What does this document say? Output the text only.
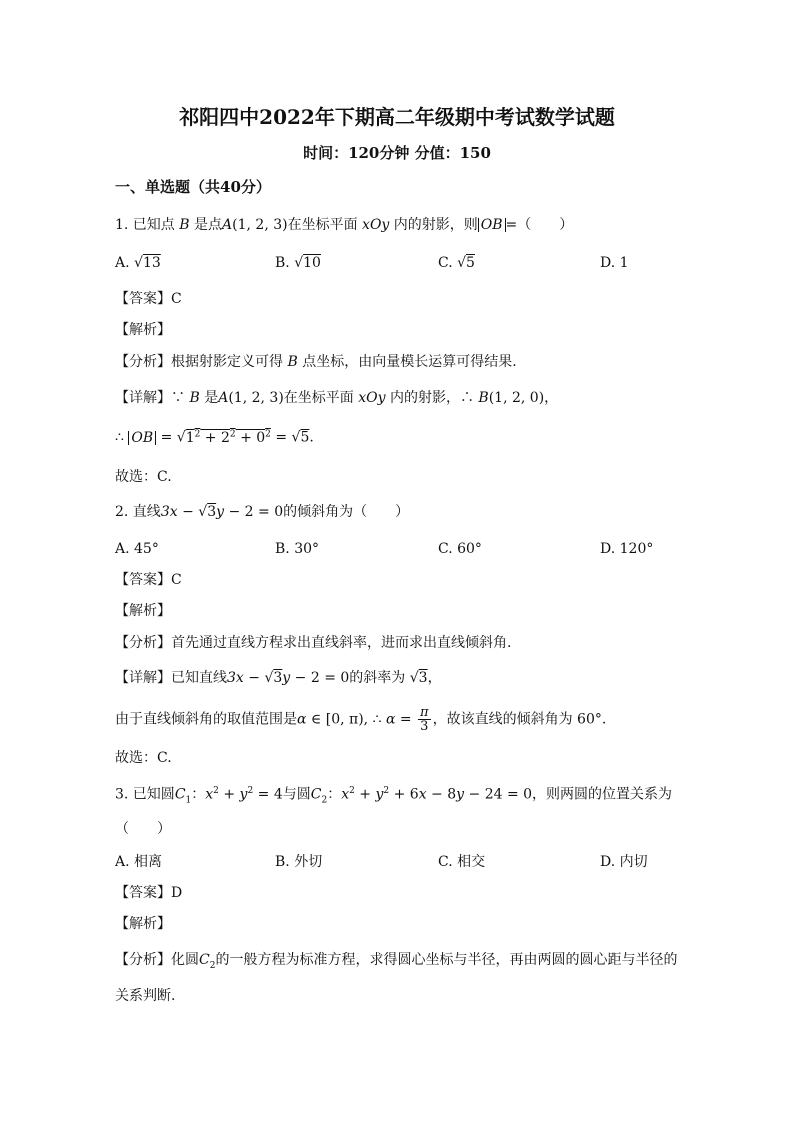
祁阳四中2022年下期高二年级期中考试数学试题
时间：120分钟 分值：150
一、单选题（共40分）
1. 已知点 B 是点A(1, 2, 3)在坐标平面 xOy 内的射影，则 OB =（　　）
A. √13	B. √10	C. √5	D. 1
【答案】C
【解析】
【分析】根据射影定义可得 B 点坐标，由向量模长运算可得结果.
【详解】∵ B 是A(1, 2, 3)在坐标平面 xOy 内的射影，∴ B(1, 2, 0)，
∴ OB = $√1^2 + 2^2 + 0^2 = √5$.
故选：C.
2. 直线3x − √3y − 2 = 0的倾斜角为（　　）
A. 45°	B. 30°	C. 60°	D. 120°
【答案】C
【解析】
【分析】首先通过直线方程求出直线斜率，进而求出直线倾斜角.
【详解】已知直线3x − √3y − 2 = 0的斜率为 √3，
由于直线倾斜角的取值范围是α ∈ [0, π), ∴ $\alpha = \frac{\pi}{3}$ ，故该直线的倾斜角为 60°.
故选：C.
3. 已知圆$C_1$：$x^2 + y^2 = 4$与圆$C_2$：$x^2 + y^2 + 6x - 8y - 24 = 0$，则两圆的位置关系为
（　　）
A. 相离	B. 外切	C. 相交	D. 内切
【答案】D
【解析】
【分析】化圆$C_2$的一般方程为标准方程，求得圆心坐标与半径，再由两圆的圆心距与半径的
关系判断.
